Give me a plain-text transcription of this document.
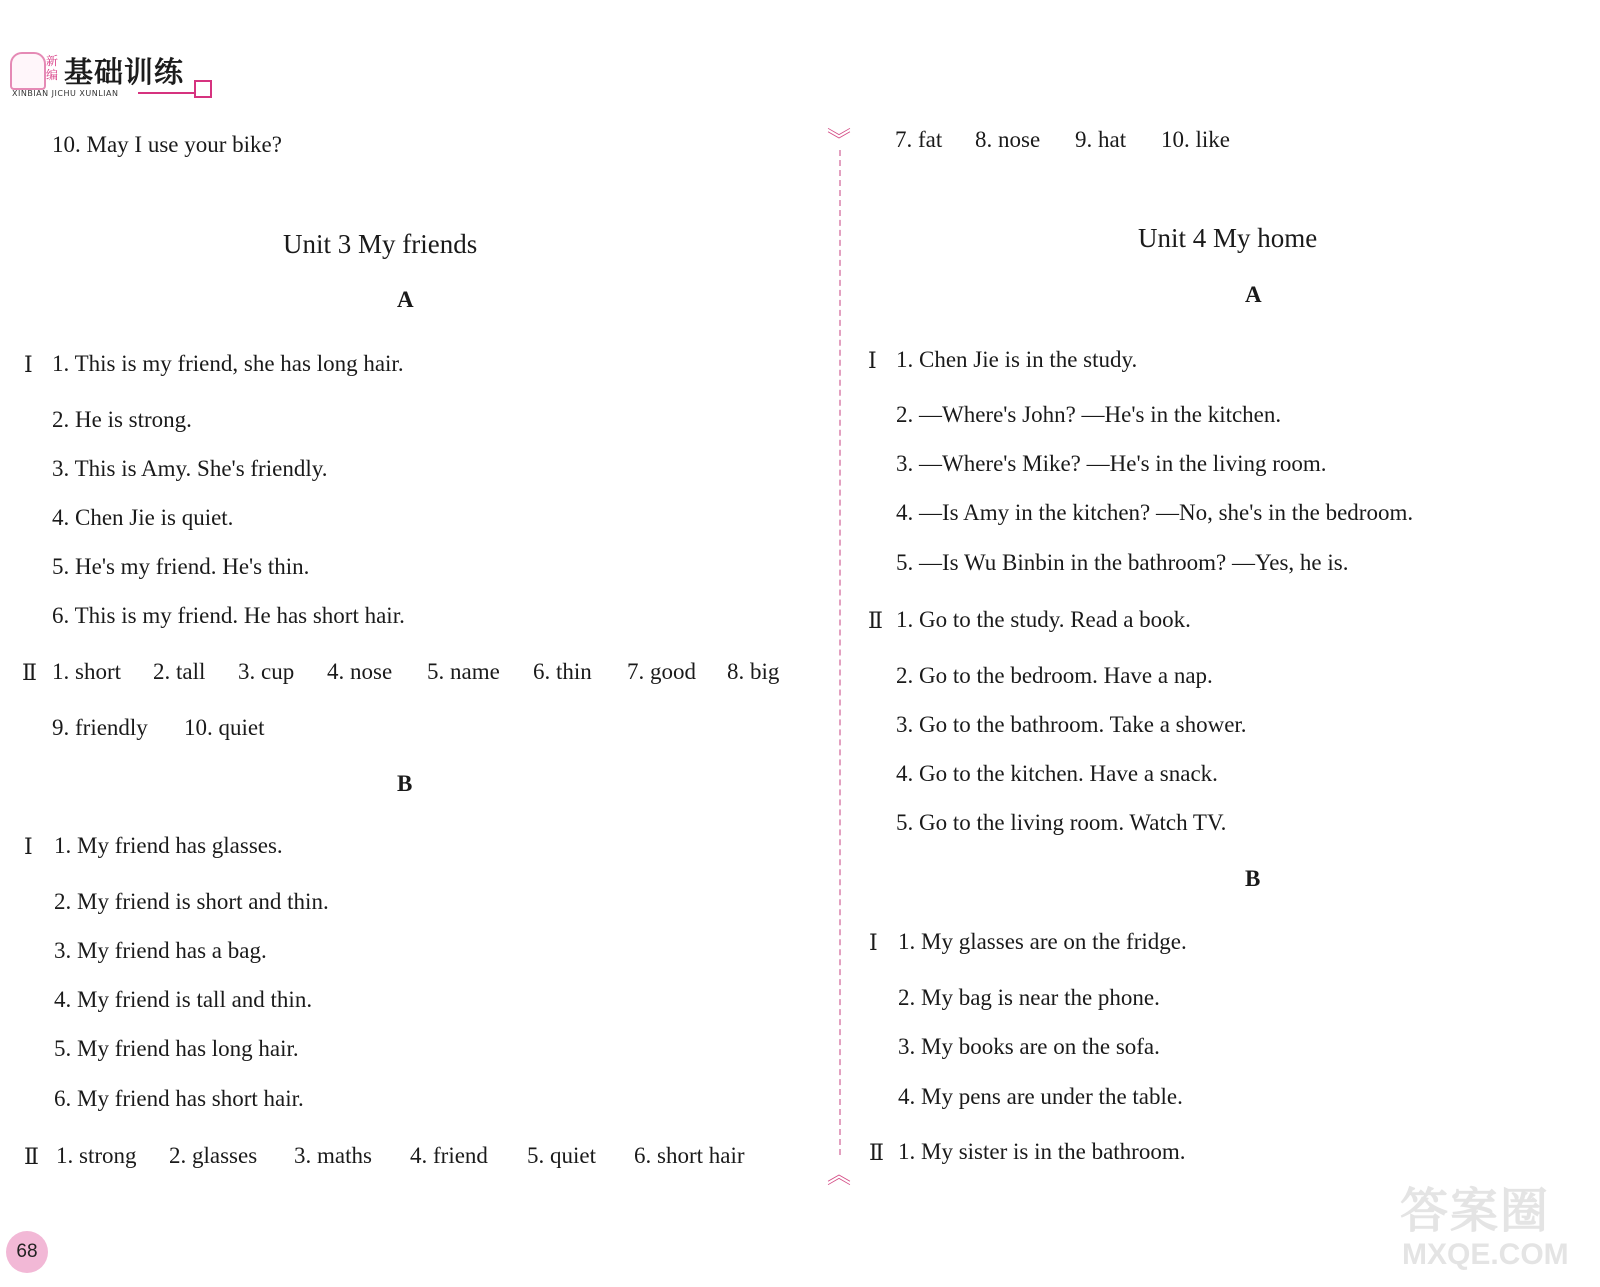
新编 基础训练
XINBIAN JICHU XUNLIAN
︾
︽
10. May I use your bike?
Unit 3 My friends
A
Ⅰ 1. This is my friend, she has long hair.
2. He is strong.
3. This is Amy. She's friendly.
4. Chen Jie is quiet.
5. He's my friend. He's thin.
6. This is my friend. He has short hair.
Ⅱ 1. short 2. tall 3. cup 4. nose 5. name 6. thin 7. good 8. big
9. friendly 10. quiet
B
Ⅰ 1. My friend has glasses.
2. My friend is short and thin.
3. My friend has a bag.
4. My friend is tall and thin.
5. My friend has long hair.
6. My friend has short hair.
Ⅱ 1. strong 2. glasses 3. maths 4. friend 5. quiet 6. short hair
7. fat 8. nose 9. hat 10. like
Unit 4 My home
A
Ⅰ 1. Chen Jie is in the study.
2. —Where's John? —He's in the kitchen.
3. —Where's Mike? —He's in the living room.
4. —Is Amy in the kitchen? —No, she's in the bedroom.
5. —Is Wu Binbin in the bathroom? —Yes, he is.
Ⅱ 1. Go to the study. Read a book.
2. Go to the bedroom. Have a nap.
3. Go to the bathroom. Take a shower.
4. Go to the kitchen. Have a snack.
5. Go to the living room. Watch TV.
B
Ⅰ 1. My glasses are on the fridge.
2. My bag is near the phone.
3. My books are on the sofa.
4. My pens are under the table.
Ⅱ 1. My sister is in the bathroom.
68
答案圈
MXQE.COM
